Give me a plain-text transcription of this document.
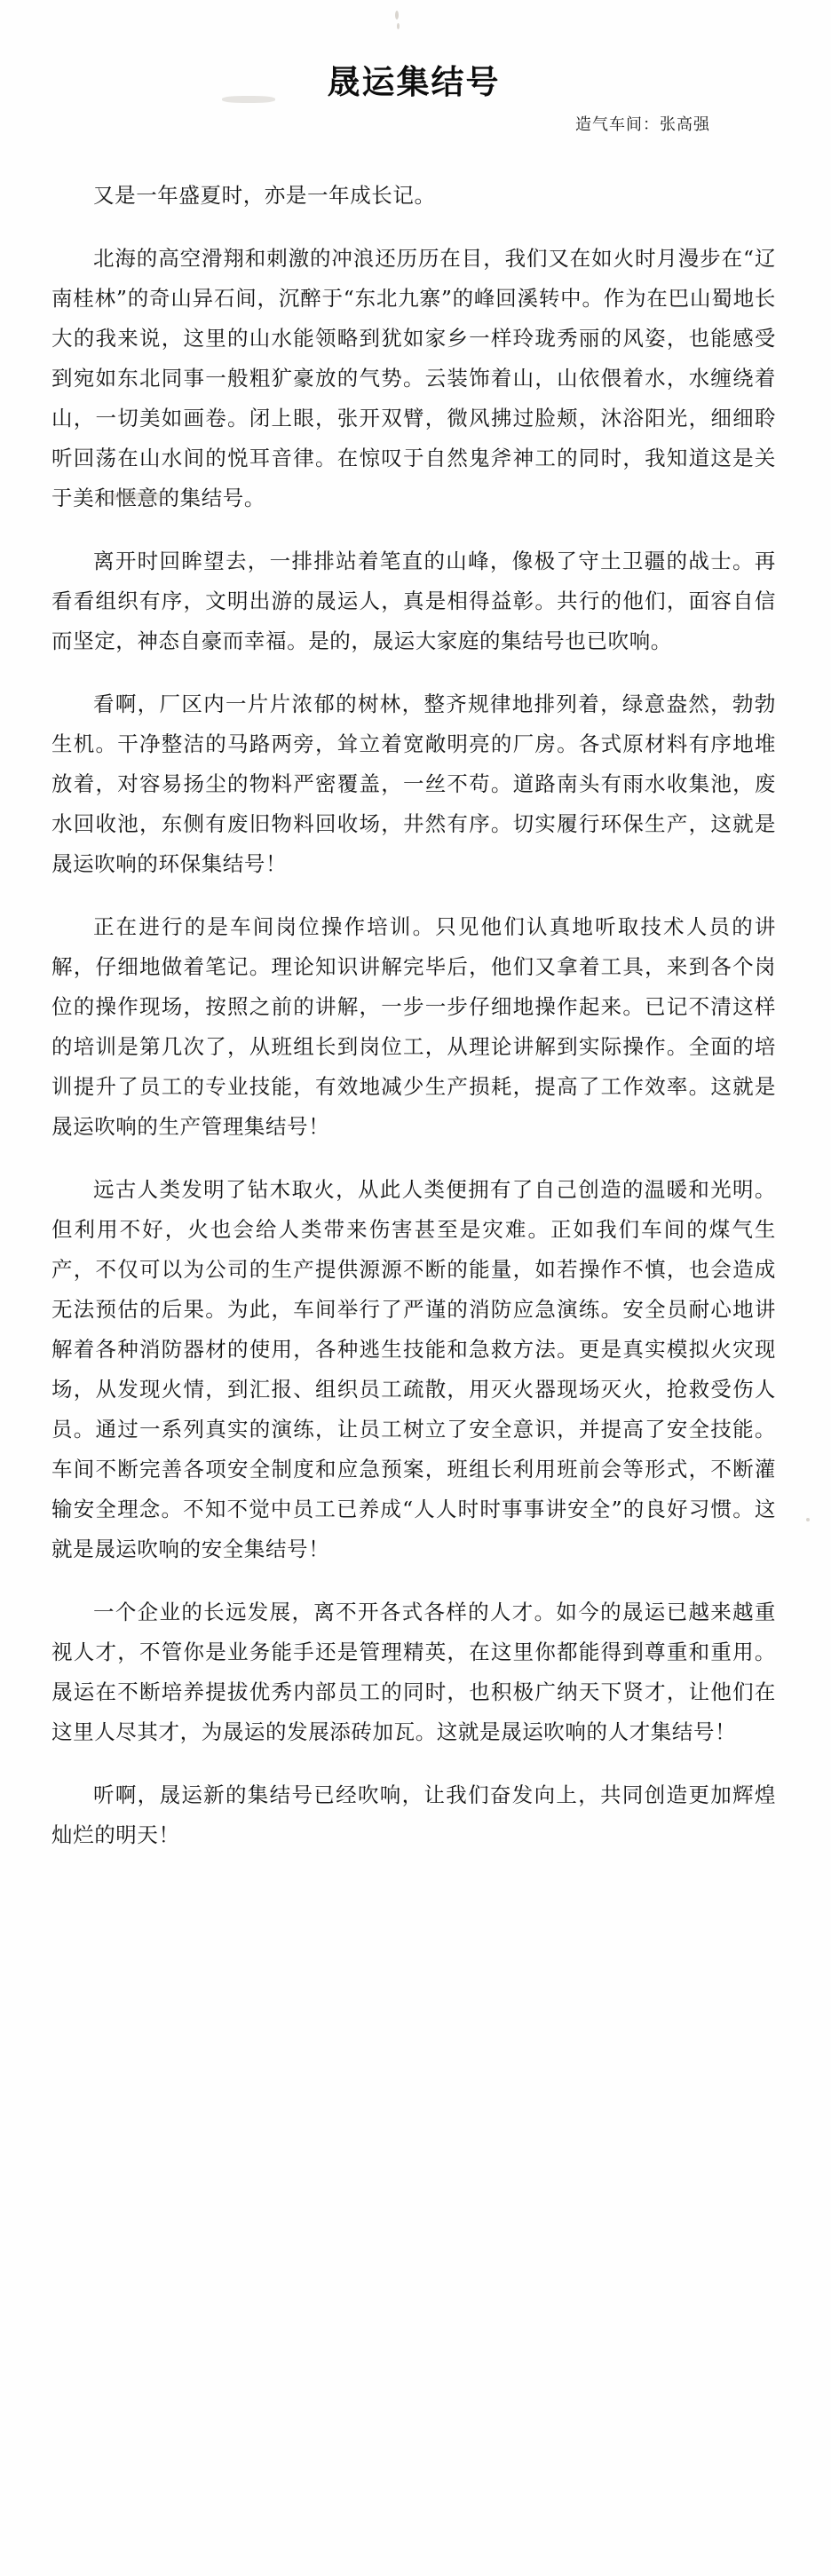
晟运集结号
造气车间：张高强

又是一年盛夏时，亦是一年成长记。

北海的高空滑翔和刺激的冲浪还历历在目，我们又在如火时月漫步在“辽南桂林”的奇山异石间，沉醉于“东北九寨”的峰回溪转中。作为在巴山蜀地长大的我来说，这里的山水能领略到犹如家乡一样玲珑秀丽的风姿，也能感受到宛如东北同事一般粗犷豪放的气势。云装饰着山，山依偎着水，水缠绕着山，一切美如画卷。闭上眼，张开双臂，微风拂过脸颊，沐浴阳光，细细聆听回荡在山水间的悦耳音律。在惊叹于自然鬼斧神工的同时，我知道这是关于美和惬意的集结号。

离开时回眸望去，一排排站着笔直的山峰，像极了守土卫疆的战士。再看看组织有序，文明出游的晟运人，真是相得益彰。共行的他们，面容自信而坚定，神态自豪而幸福。是的，晟运大家庭的集结号也已吹响。

看啊，厂区内一片片浓郁的树林，整齐规律地排列着，绿意盎然，勃勃生机。干净整洁的马路两旁，耸立着宽敞明亮的厂房。各式原材料有序地堆放着，对容易扬尘的物料严密覆盖，一丝不苟。道路南头有雨水收集池，废水回收池，东侧有废旧物料回收场，井然有序。切实履行环保生产，这就是晟运吹响的环保集结号！

正在进行的是车间岗位操作培训。只见他们认真地听取技术人员的讲解，仔细地做着笔记。理论知识讲解完毕后，他们又拿着工具，来到各个岗位的操作现场，按照之前的讲解，一步一步仔细地操作起来。已记不清这样的培训是第几次了，从班组长到岗位工，从理论讲解到实际操作。全面的培训提升了员工的专业技能，有效地减少生产损耗，提高了工作效率。这就是晟运吹响的生产管理集结号！

远古人类发明了钻木取火，从此人类便拥有了自己创造的温暖和光明。但利用不好，火也会给人类带来伤害甚至是灾难。正如我们车间的煤气生产，不仅可以为公司的生产提供源源不断的能量，如若操作不慎，也会造成无法预估的后果。为此，车间举行了严谨的消防应急演练。安全员耐心地讲解着各种消防器材的使用，各种逃生技能和急救方法。更是真实模拟火灾现场，从发现火情，到汇报、组织员工疏散，用灭火器现场灭火，抢救受伤人员。通过一系列真实的演练，让员工树立了安全意识，并提高了安全技能。车间不断完善各项安全制度和应急预案，班组长利用班前会等形式，不断灌输安全理念。不知不觉中员工已养成“人人时时事事讲安全”的良好习惯。这就是晟运吹响的安全集结号！

一个企业的长远发展，离不开各式各样的人才。如今的晟运已越来越重视人才，不管你是业务能手还是管理精英，在这里你都能得到尊重和重用。晟运在不断培养提拔优秀内部员工的同时，也积极广纳天下贤才，让他们在这里人尽其才，为晟运的发展添砖加瓦。这就是晟运吹响的人才集结号！

听啊，晟运新的集结号已经吹响，让我们奋发向上，共同创造更加辉煌灿烂的明天！
